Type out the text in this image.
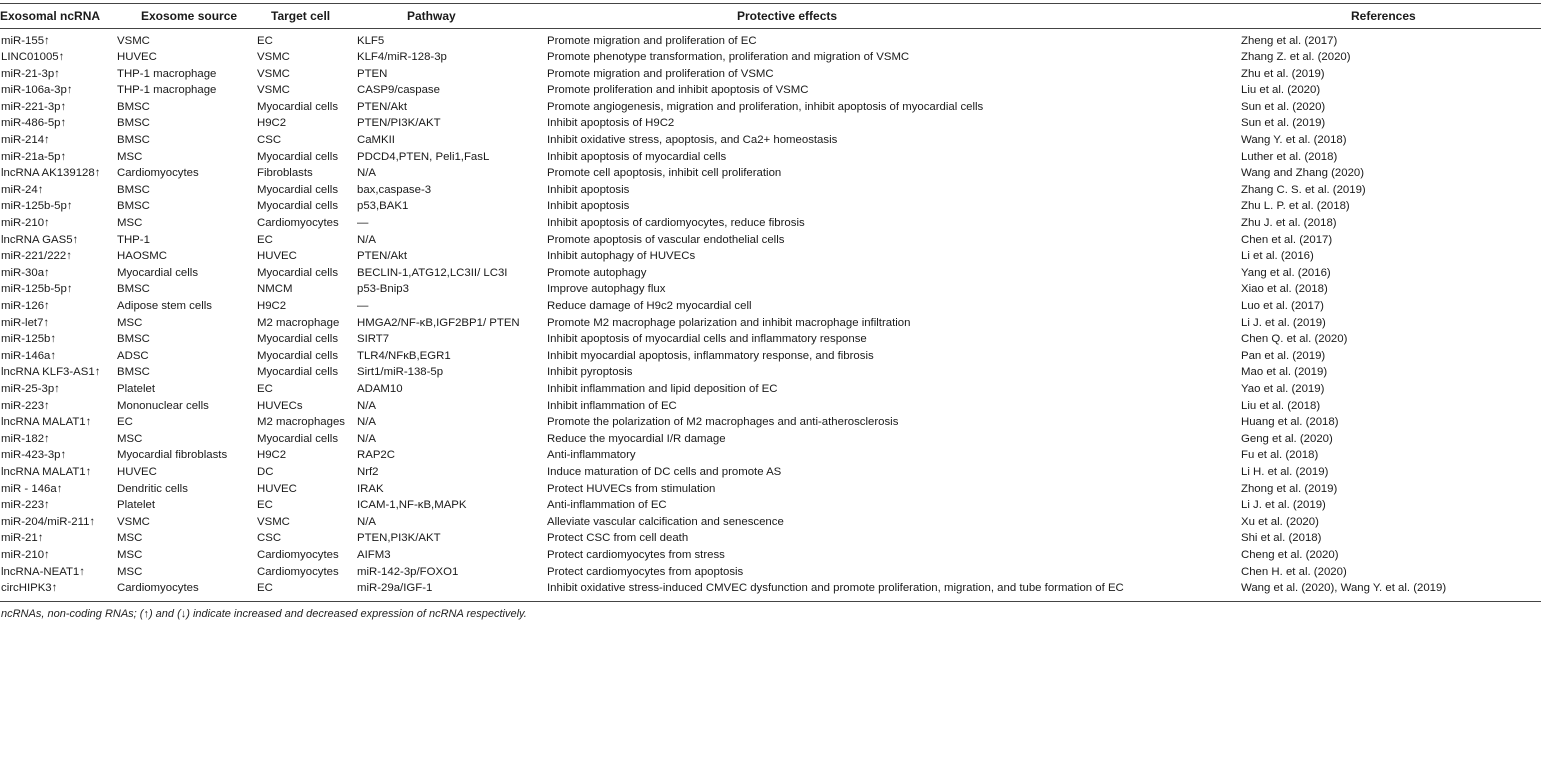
Exosomal ncRNA	Exosome source	Target cell	Pathway	Protective effects	References
miR-155↑	VSMC	EC	KLF5	Promote migration and proliferation of EC	Zheng et al. (2017)
LINC01005↑	HUVEC	VSMC	KLF4/miR-128-3p	Promote phenotype transformation, proliferation and migration of VSMC	Zhang Z. et al. (2020)
miR-21-3p↑	THP-1 macrophage	VSMC	PTEN	Promote migration and proliferation of VSMC	Zhu et al. (2019)
miR-106a-3p↑	THP-1 macrophage	VSMC	CASP9/caspase	Promote proliferation and inhibit apoptosis of VSMC	Liu et al. (2020)
miR-221-3p↑	BMSC	Myocardial cells	PTEN/Akt	Promote angiogenesis, migration and proliferation, inhibit apoptosis of myocardial cells	Sun et al. (2020)
miR-486-5p↑	BMSC	H9C2	PTEN/PI3K/AKT	Inhibit apoptosis of H9C2	Sun et al. (2019)
miR-214↑	BMSC	CSC	CaMKII	Inhibit oxidative stress, apoptosis, and Ca2+ homeostasis	Wang Y. et al. (2018)
miR-21a-5p↑	MSC	Myocardial cells	PDCD4,PTEN, Peli1,FasL	Inhibit apoptosis of myocardial cells	Luther et al. (2018)
lncRNA AK139128↑	Cardiomyocytes	Fibroblasts	N/A	Promote cell apoptosis, inhibit cell proliferation	Wang and Zhang (2020)
miR-24↑	BMSC	Myocardial cells	bax,caspase-3	Inhibit apoptosis	Zhang C. S. et al. (2019)
miR-125b-5p↑	BMSC	Myocardial cells	p53,BAK1	Inhibit apoptosis	Zhu L. P. et al. (2018)
miR-210↑	MSC	Cardiomyocytes	—	Inhibit apoptosis of cardiomyocytes, reduce fibrosis	Zhu J. et al. (2018)
lncRNA GAS5↑	THP-1	EC	N/A	Promote apoptosis of vascular endothelial cells	Chen et al. (2017)
miR-221/222↑	HAOSMC	HUVEC	PTEN/Akt	Inhibit autophagy of HUVECs	Li et al. (2016)
miR-30a↑	Myocardial cells	Myocardial cells	BECLIN-1,ATG12,LC3II/ LC3I	Promote autophagy	Yang et al. (2016)
miR-125b-5p↑	BMSC	NMCM	p53-Bnip3	Improve autophagy flux	Xiao et al. (2018)
miR-126↑	Adipose stem cells	H9C2	—	Reduce damage of H9c2 myocardial cell	Luo et al. (2017)
miR-let7↑	MSC	M2 macrophage	HMGA2/NF-κB,IGF2BP1/ PTEN	Promote M2 macrophage polarization and inhibit macrophage infiltration	Li J. et al. (2019)
miR-125b↑	BMSC	Myocardial cells	SIRT7	Inhibit apoptosis of myocardial cells and inflammatory response	Chen Q. et al. (2020)
miR-146a↑	ADSC	Myocardial cells	TLR4/NFκB,EGR1	Inhibit myocardial apoptosis, inflammatory response, and fibrosis	Pan et al. (2019)
lncRNA KLF3-AS1↑	BMSC	Myocardial cells	Sirt1/miR-138-5p	Inhibit pyroptosis	Mao et al. (2019)
miR-25-3p↑	Platelet	EC	ADAM10	Inhibit inflammation and lipid deposition of EC	Yao et al. (2019)
miR-223↑	Mononuclear cells	HUVECs	N/A	Inhibit inflammation of EC	Liu et al. (2018)
lncRNA MALAT1↑	EC	M2 macrophages	N/A	Promote the polarization of M2 macrophages and anti-atherosclerosis	Huang et al. (2018)
miR-182↑	MSC	Myocardial cells	N/A	Reduce the myocardial I/R damage	Geng et al. (2020)
miR-423-3p↑	Myocardial fibroblasts	H9C2	RAP2C	Anti-inflammatory	Fu et al. (2018)
lncRNA MALAT1↑	HUVEC	DC	Nrf2	Induce maturation of DC cells and promote AS	Li H. et al. (2019)
miR - 146a↑	Dendritic cells	HUVEC	IRAK	Protect HUVECs from stimulation	Zhong et al. (2019)
miR-223↑	Platelet	EC	ICAM-1,NF-κB,MAPK	Anti-inflammation of EC	Li J. et al. (2019)
miR-204/miR-211↑	VSMC	VSMC	N/A	Alleviate vascular calcification and senescence	Xu et al. (2020)
miR-21↑	MSC	CSC	PTEN,PI3K/AKT	Protect CSC from cell death	Shi et al. (2018)
miR-210↑	MSC	Cardiomyocytes	AIFM3	Protect cardiomyocytes from stress	Cheng et al. (2020)
lncRNA-NEAT1↑	MSC	Cardiomyocytes	miR-142-3p/FOXO1	Protect cardiomyocytes from apoptosis	Chen H. et al. (2020)
circHIPK3↑	Cardiomyocytes	EC	miR-29a/IGF-1	Inhibit oxidative stress-induced CMVEC dysfunction and promote proliferation, migration, and tube formation of EC	Wang et al. (2020), Wang Y. et al. (2019)
ncRNAs, non-coding RNAs; (↑) and (↓) indicate increased and decreased expression of ncRNA respectively.
